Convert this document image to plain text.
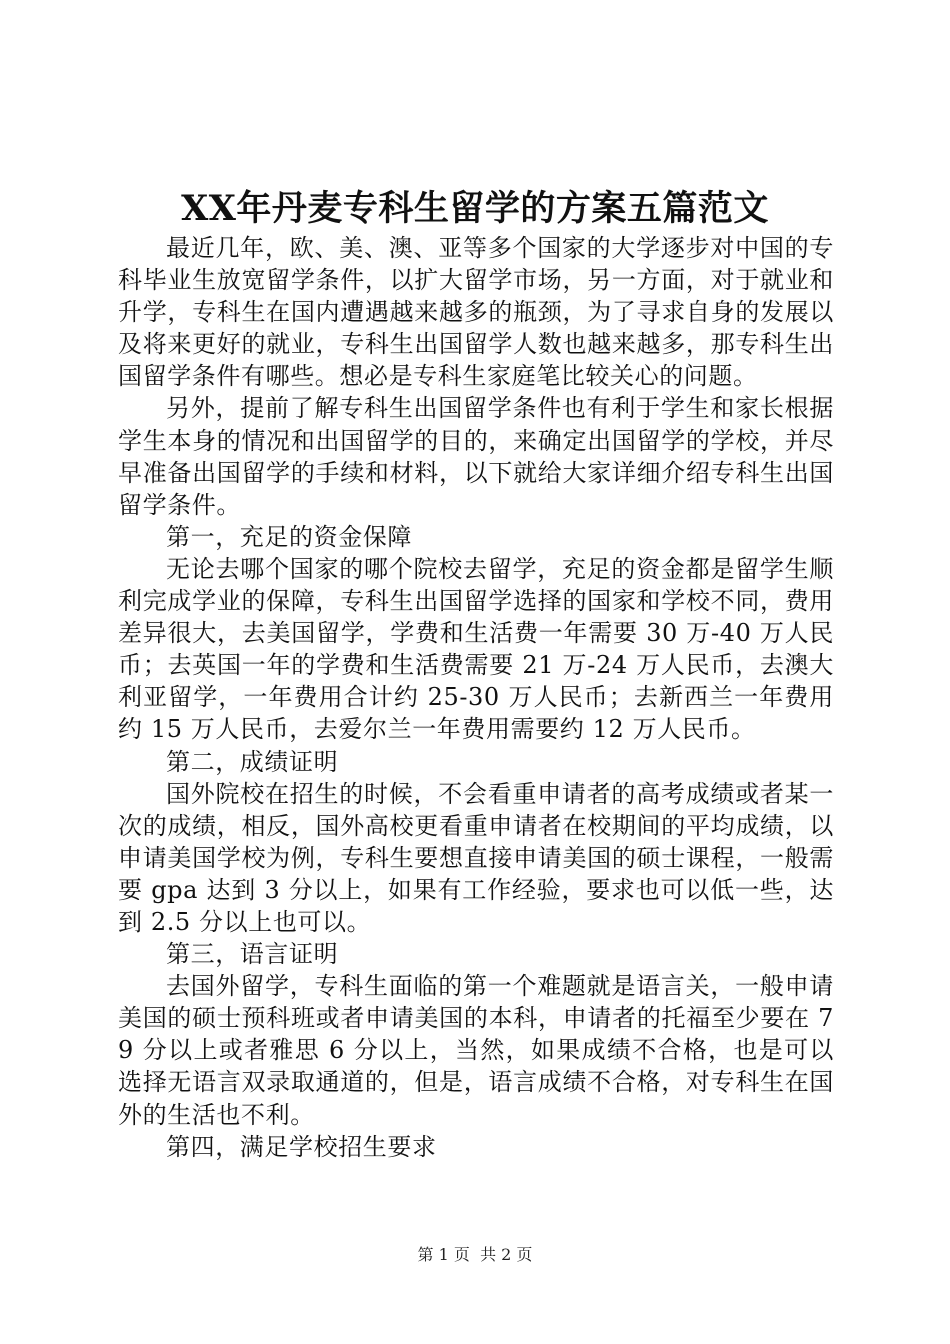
XX年丹麦专科生留学的方案五篇范文

最近几年，欧、美、澳、亚等多个国家的大学逐步对中国的专科毕业生放宽留学条件，以扩大留学市场，另一方面，对于就业和升学，专科生在国内遭遇越来越多的瓶颈，为了寻求自身的发展以及将来更好的就业，专科生出国留学人数也越来越多，那专科生出国留学条件有哪些。想必是专科生家庭笔比较关心的问题。

另外，提前了解专科生出国留学条件也有利于学生和家长根据学生本身的情况和出国留学的目的，来确定出国留学的学校，并尽早准备出国留学的手续和材料，以下就给大家详细介绍专科生出国留学条件。

第一，充足的资金保障

无论去哪个国家的哪个院校去留学，充足的资金都是留学生顺利完成学业的保障，专科生出国留学选择的国家和学校不同，费用差异很大，去美国留学，学费和生活费一年需要 30 万-40 万人民币；去英国一年的学费和生活费需要 21 万-24 万人民币，去澳大利亚留学，一年费用合计约 25-30 万人民币；去新西兰一年费用约 15 万人民币，去爱尔兰一年费用需要约 12 万人民币。

第二，成绩证明

国外院校在招生的时候，不会看重申请者的高考成绩或者某一次的成绩，相反，国外高校更看重申请者在校期间的平均成绩，以申请美国学校为例，专科生要想直接申请美国的硕士课程，一般需要 gpa 达到 3 分以上，如果有工作经验，要求也可以低一些，达到 2.5 分以上也可以。

第三，语言证明

去国外留学，专科生面临的第一个难题就是语言关，一般申请美国的硕士预科班或者申请美国的本科，申请者的托福至少要在 79 分以上或者雅思 6 分以上，当然，如果成绩不合格，也是可以选择无语言双录取通道的，但是，语言成绩不合格，对专科生在国外的生活也不利。

第四，满足学校招生要求

第 1 页 共 2 页
